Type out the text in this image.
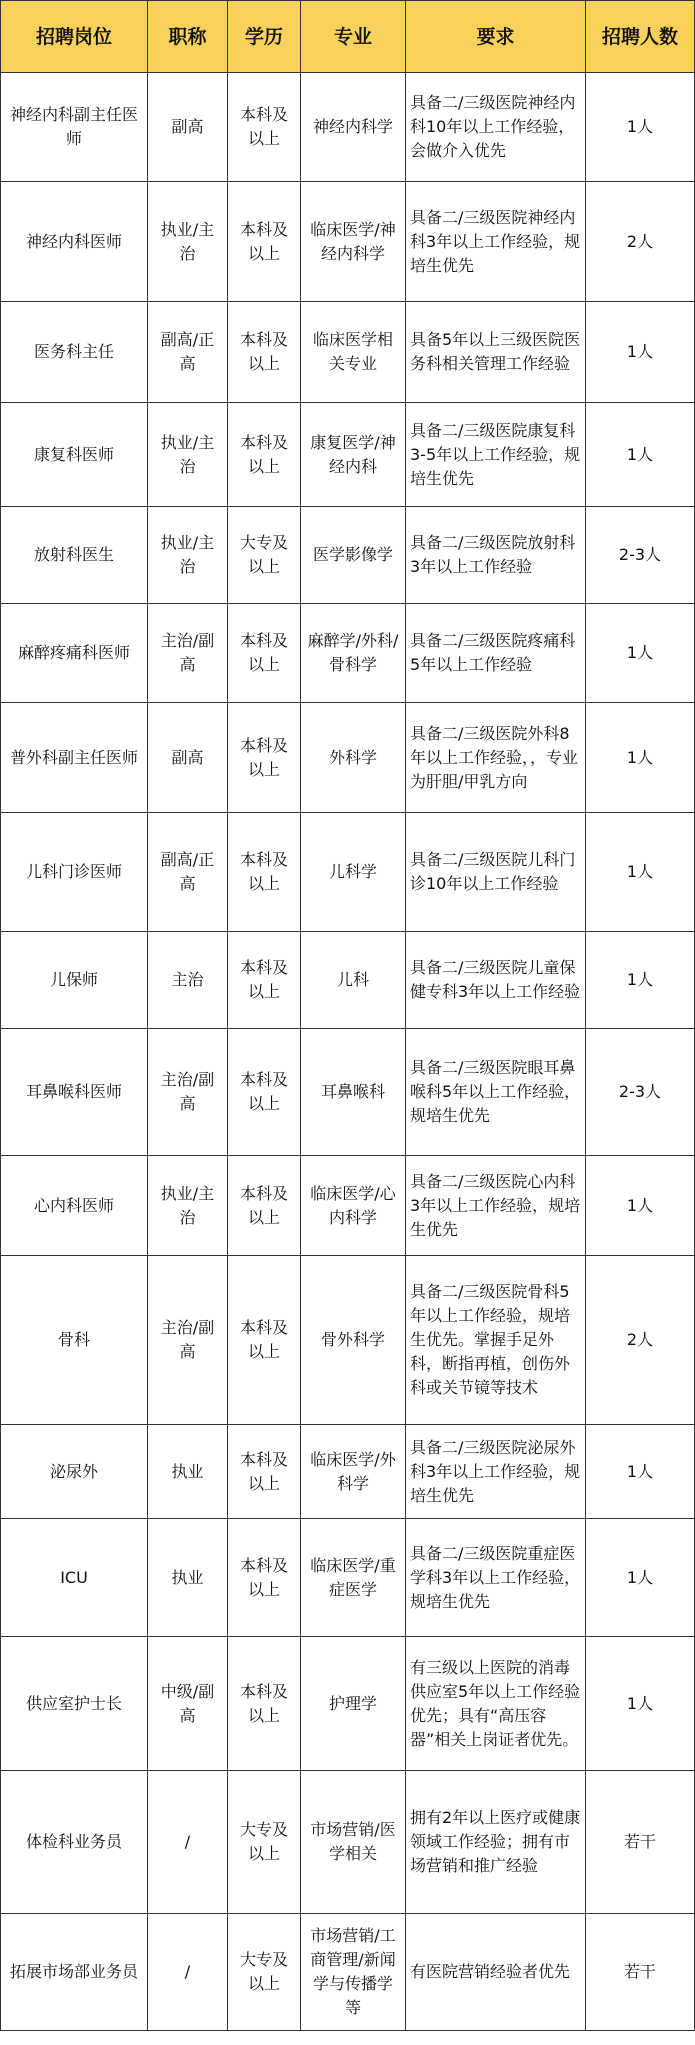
招聘岗位	职称	学历	专业	要求	招聘人数
神经内科副主任医师	副高	本科及以上	神经内科学	具备二/三级医院神经内科10年以上工作经验，会做介入优先	1人
神经内科医师	执业/主治	本科及以上	临床医学/神经内科学	具备二/三级医院神经内科3年以上工作经验，规培生优先	2人
医务科主任	副高/正高	本科及以上	临床医学相关专业	具备5年以上三级医院医务科相关管理工作经验	1人
康复科医师	执业/主治	本科及以上	康复医学/神经内科	具备二/三级医院康复科3-5年以上工作经验，规培生优先	1人
放射科医生	执业/主治	大专及以上	医学影像学	具备二/三级医院放射科3年以上工作经验	2-3人
麻醉疼痛科医师	主治/副高	本科及以上	麻醉学/外科/骨科学	具备二/三级医院疼痛科5年以上工作经验	1人
普外科副主任医师	副高	本科及以上	外科学	具备二/三级医院外科8年以上工作经验，，专业为肝胆/甲乳方向	1人
儿科门诊医师	副高/正高	本科及以上	儿科学	具备二/三级医院儿科门诊10年以上工作经验	1人
儿保师	主治	本科及以上	儿科	具备二/三级医院儿童保健专科3年以上工作经验	1人
耳鼻喉科医师	主治/副高	本科及以上	耳鼻喉科	具备二/三级医院眼耳鼻喉科5年以上工作经验，规培生优先	2-3人
心内科医师	执业/主治	本科及以上	临床医学/心内科学	具备二/三级医院心内科3年以上工作经验，规培生优先	1人
骨科	主治/副高	本科及以上	骨外科学	具备二/三级医院骨科5年以上工作经验，规培生优先。掌握手足外科，断指再植，创伤外科或关节镜等技术	2人
泌尿外	执业	本科及以上	临床医学/外科学	具备二/三级医院泌尿外科3年以上工作经验，规培生优先	1人
ICU	执业	本科及以上	临床医学/重症医学	具备二/三级医院重症医学科3年以上工作经验，规培生优先	1人
供应室护士长	中级/副高	本科及以上	护理学	有三级以上医院的消毒供应室5年以上工作经验优先；具有“高压容器”相关上岗证者优先。	1人
体检科业务员	/	大专及以上	市场营销/医学相关	拥有2年以上医疗或健康领域工作经验；拥有市场营销和推广经验	若干
拓展市场部业务员	/	大专及以上	市场营销/工商管理/新闻学与传播学等	有医院营销经验者优先	若干
